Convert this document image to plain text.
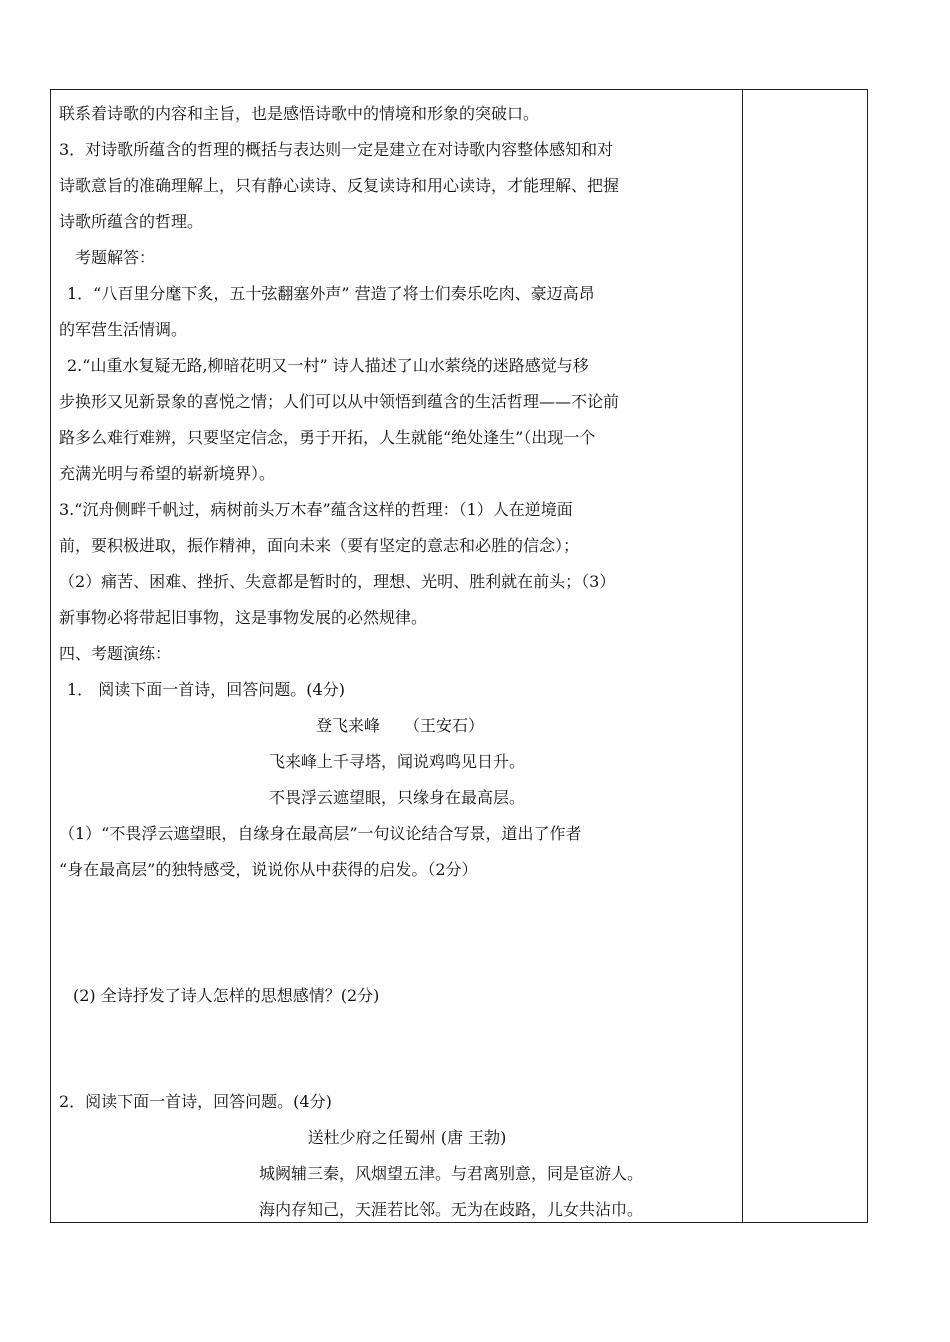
联系着诗歌的内容和主旨，也是感悟诗歌中的情境和形象的突破口。

3．对诗歌所蕴含的哲理的概括与表达则一定是建立在对诗歌内容整体感知和对

诗歌意旨的准确理解上，只有静心读诗、反复读诗和用心读诗，才能理解、把握

诗歌所蕴含的哲理。

　考题解答：

1．“八百里分麾下炙，五十弦翻塞外声” 营造了将士们奏乐吃肉、豪迈高昂

的军营生活情调。

2.“山重水复疑无路,柳暗花明又一村” 诗人描述了山水萦绕的迷路感觉与移

步换形又见新景象的喜悦之情；人们可以从中领悟到蕴含的生活哲理——不论前

路多么难行难辨，只要坚定信念，勇于开拓，人生就能“绝处逢生”（出现一个

充满光明与希望的崭新境界）。

3.“沉舟侧畔千帆过，病树前头万木春”蕴含这样的哲理：（1）人在逆境面

前，要积极进取，振作精神，面向未来（要有坚定的意志和必胜的信念）；

（2）痛苦、困难、挫折、失意都是暂时的，理想、光明、胜利就在前头；（3）

新事物必将带起旧事物，这是事物发展的必然规律。

四、考题演练：

1． 阅读下面一首诗，回答问题。(4分)

登飞来峰　　（王安石）

飞来峰上千寻塔，闻说鸡鸣见日升。

不畏浮云遮望眼，只缘身在最高层。

（1）“不畏浮云遮望眼，自缘身在最高层”一句议论结合写景，道出了作者

“身在最高层”的独特感受，说说你从中获得的启发。（2分）

(2) 全诗抒发了诗人怎样的思想感情？(2分)

2．阅读下面一首诗，回答问题。(4分)

送杜少府之任蜀州 (唐 王勃)

城阙辅三秦，风烟望五津。与君离别意，同是宦游人。

海内存知己，天涯若比邻。无为在歧路，儿女共沾巾。
